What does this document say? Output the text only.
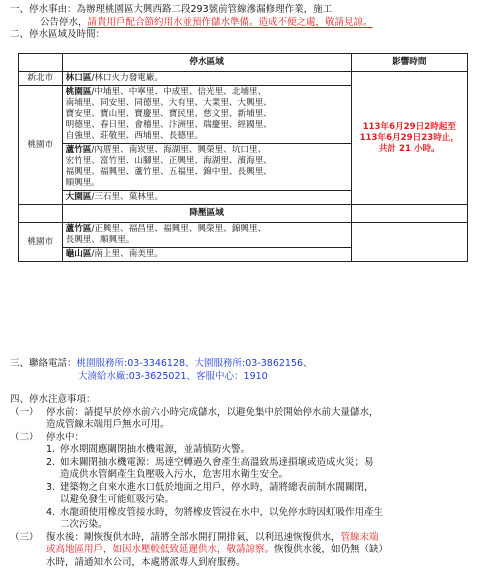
一、停水事由：為辦理桃園區大興西路二段293號前管線滲漏修理作業，施工
公告停水，請貴用戶配合節約用水並預作儲水準備。造成不便之處，敬請見諒。
二、停水區域及時間：
	停水區域	影響時間
新北市	林口區/林口火力發電廠。	113年6月29日2時起至
113年6月29日23時止，
共計 21 小時。

桃園市	桃園區/中埔里、中寧里、中成里、信光里、北埔里、
南埔里、同安里、同德里、大有里、大業里、大興里、
寶安里、寶山里、寶慶里、寶民里、慈文里、新埔里、
明德里、春日里、會稽里、汴洲里、瑞慶里、經國里、
自強里、莊敬里、西埔里、長德里。	

	蘆竹區/內厝里、南崁里、海湖里、興榮里、坑口里、
宏竹里、富竹里、山腳里、正興里、海湖里、濱海里、
福興里、福興里、蘆竹里、五福里、錦中里、長興里、
順興里。	

	大園區/三石里、菓林里。	
	降壓區域	
桃園市	蘆竹區/正興里、福昌里、福興里、興榮里、錦興里、
長興里、順興里。	

	龜山區/南上里、南美里。	
三、聯絡電話：桃園服務所:03-3346128、大園服務所:03-3862156、
大湳給水廠:03-3625021、客服中心：1910
四、停水注意事項：
（一） 停水前：請提早於停水前六小時完成儲水，以避免集中於開始停水前大量儲水，
造成管線末端用戶無水可用。
（二） 停水中：
1. 停水期間應關閉抽水機電源，並請慎防火警。
2. 如未關閉抽水機電源：馬達空轉過久會產生高溫致馬達損壞或造成火災；易
造成供水管網產生負壓吸入污水，危害用水衛生安全。
3. 建築物之自來水進水口低於地面之用戶，停水時，請將總表前制水閥關閉，
以避免發生可能虹吸污染。
4. 水龍頭使用橡皮管接水時，勿將橡皮管浸在水中，以免停水時因虹吸作用產生
二次污染。
（三） 復水後：剛恢復供水時，請將全部水開打開排氣，以利迅速恢復供水，管線末端
或高地區用戶，如因水壓較低致延遲供水，敬請諒察。恢復供水後，如仍無（缺）
水時，請通知水公司，本處將派專人到府服務。
